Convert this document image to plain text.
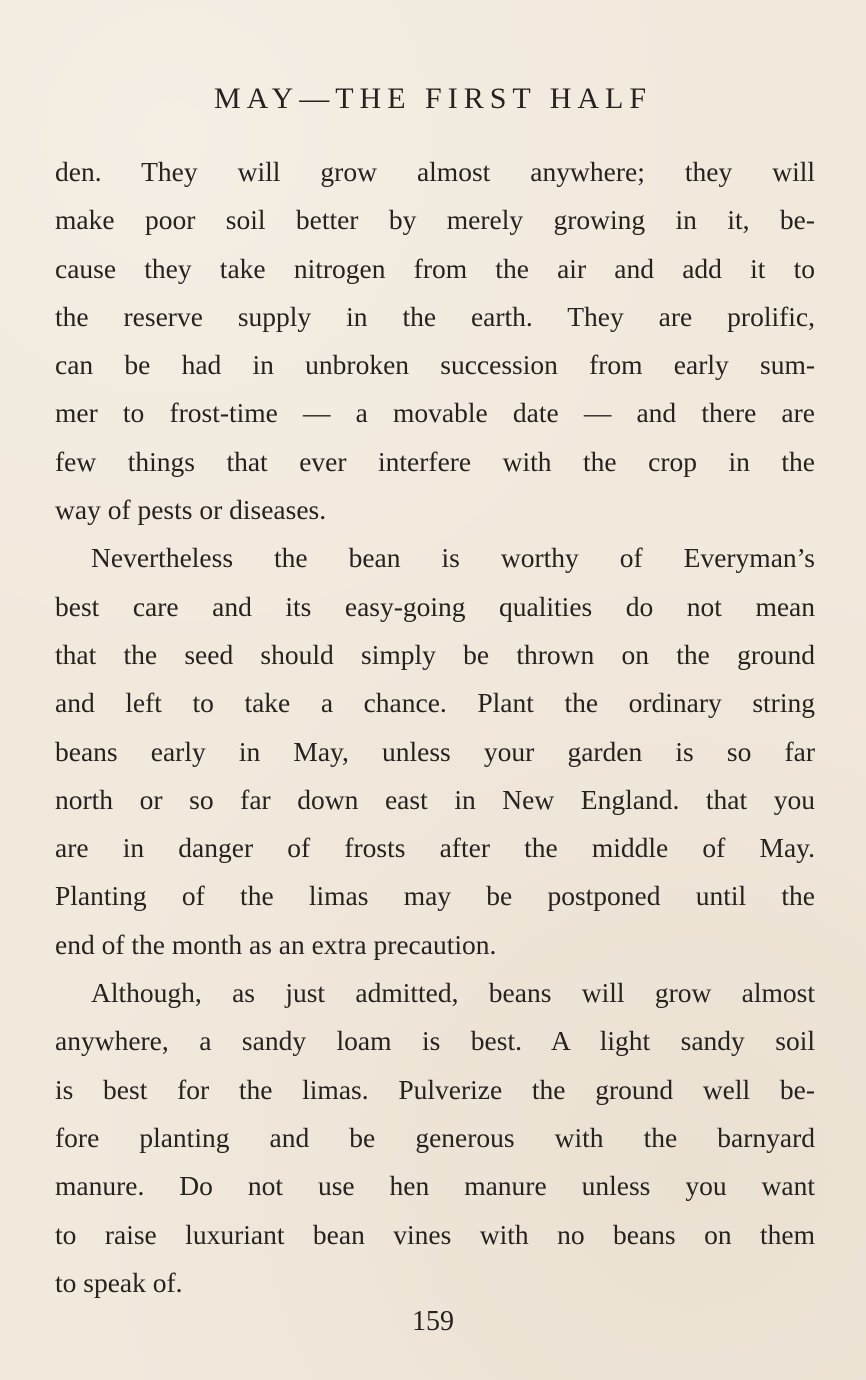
MAY—THE FIRST HALF
den. They will grow almost anywhere; they will
make poor soil better by merely growing in it, be-
cause they take nitrogen from the air and add it to
the reserve supply in the earth. They are prolific,
can be had in unbroken succession from early sum-
mer to frost-time — a movable date — and there are
few things that ever interfere with the crop in the
way of pests or diseases.
Nevertheless the bean is worthy of Everyman’s
best care and its easy-going qualities do not mean
that the seed should simply be thrown on the ground
and left to take a chance. Plant the ordinary string
beans early in May, unless your garden is so far
north or so far down east in New England. that you
are in danger of frosts after the middle of May.
Planting of the limas may be postponed until the
end of the month as an extra precaution.
Although, as just admitted, beans will grow almost
anywhere, a sandy loam is best. A light sandy soil
is best for the limas. Pulverize the ground well be-
fore planting and be generous with the barnyard
manure. Do not use hen manure unless you want
to raise luxuriant bean vines with no beans on them
to speak of.
159
